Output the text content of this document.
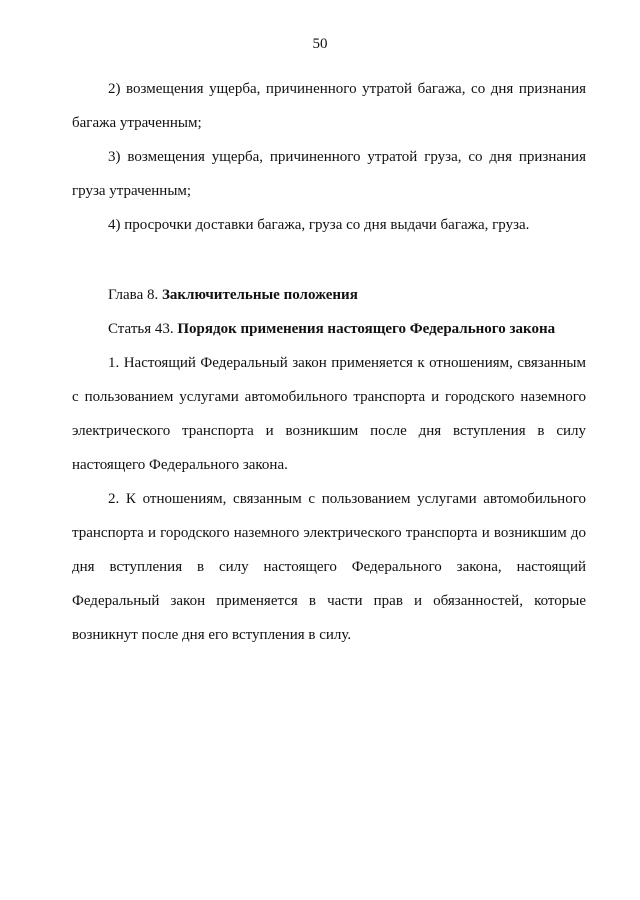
50

2) возмещения ущерба, причиненного утратой багажа, со дня признания багажа утраченным;

3) возмещения ущерба, причиненного утратой груза, со дня признания груза утраченным;

4) просрочки доставки багажа, груза со дня выдачи багажа, груза.

Глава 8. Заключительные положения

Статья 43. Порядок применения настоящего Федерального закона

1. Настоящий Федеральный закон применяется к отношениям, связанным с пользованием услугами автомобильного транспорта и городского наземного электрического транспорта и возникшим после дня вступления в силу настоящего Федерального закона.

2. К отношениям, связанным с пользованием услугами автомобильного транспорта и городского наземного электрического транспорта и возникшим до дня вступления в силу настоящего Федерального закона, настоящий Федеральный закон применяется в части прав и обязанностей, которые возникнут после дня его вступления в силу.
